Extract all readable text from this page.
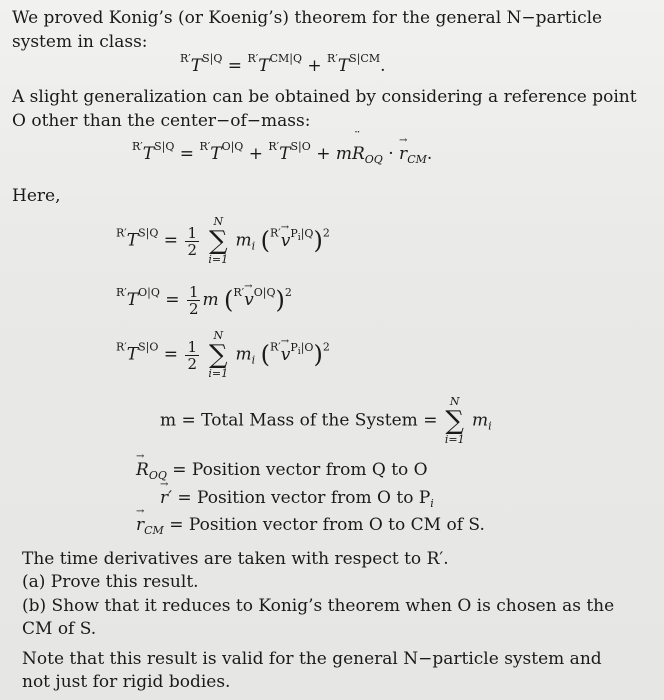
We proved Konig’s (or Koenig’s) theorem for the general N−particle
system in class:
$^{R'}T^{S|Q} = ^{R'}T^{CM|Q} + ^{R'}T^{S|CM}$.
A slight generalization can be obtained by considering a reference point
O other than the center−of−mass:
$^{R'}T^{S|Q} = ^{R'}T^{O|Q} + ^{R'}T^{S|O}$ + m¨ $R_{OQ}$ · → $r_{CM}$.
Here,
$^{R'}T^{S|Q} = \frac{1}{2}$

N
∑
i=1
$m_i$ $(^{R'}\to v^{P_i|Q})^2$
$^{R'}T^{O|Q} = \frac{1}{2}$ m $(^{R'}\to v^{O|Q})^2$
$^{R'}T^{S|O} = \frac{1}{2}$

N
∑
i=1
$m_i$ $(^{R'}\to v^{P_i|O})^2$
m = Total Mass of the System =
N
∑
i=1
$m_i$
→ $R_{OQ}$ = Position vector from Q to O
→ r′ = Position vector from O to $P_i$
→ $r_{CM}$ = Position vector from O to CM of S.
The time derivatives are taken with respect to R′.
(a) Prove this result.
(b) Show that it reduces to Konig’s theorem when O is chosen as the
CM of S.
Note that this result is valid for the general N−particle system and
not just for rigid bodies.
